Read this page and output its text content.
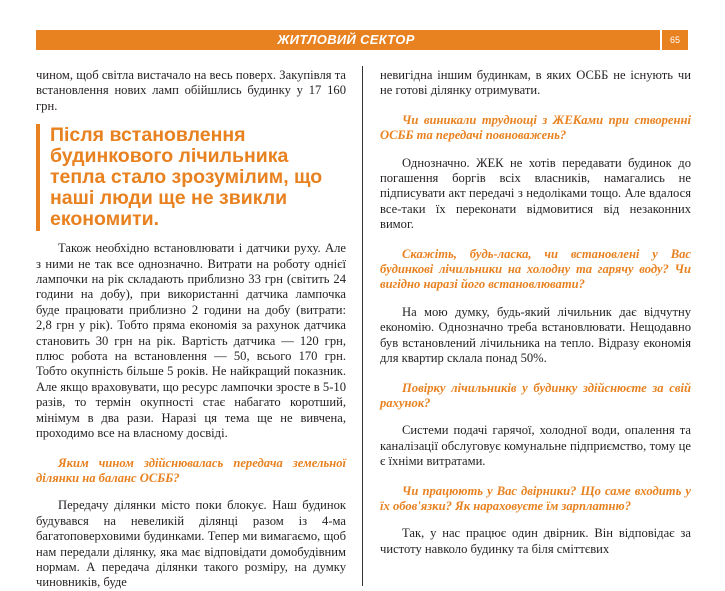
ЖИТЛОВИЙ СЕКТОР	65

чином, щоб світла вистачало на весь поверх. Закупівля та встановлення нових ламп обійшлись будинку у 17 160 грн.

Після встановлення будинкового лічильника тепла стало зрозумілим, що наші люди ще не звикли економити.

Також необхідно встановлювати і датчики руху. Але з ними не так все однозначно. Витрати на роботу однієї лампочки на рік складають приблизно 33 грн (світить 24 години на добу), при використанні датчика лампочка буде працювати приблизно 2 години на добу (витрати: 2,8 грн у рік). Тобто пряма економія за рахунок датчика становить 30 грн на рік. Вартість датчика — 120 грн, плюс робота на встановлення — 50, всього 170 грн. Тобто окупність більше 5 років. Не найкращий показник. Але якщо враховувати, що ресурс лампочки зросте в 5-10 разів, то термін окупності стає набагато коротший, мінімум в два рази. Наразі ця тема ще не вивчена, проходимо все на власному досвіді.

Яким чином здійснювалась передача земельної ділянки на баланс ОСББ?

Передачу ділянки місто поки блокує. Наш будинок будувався на невеликій ділянці разом із 4-ма багатоповерховими будинками. Тепер ми вимагаємо, щоб нам передали ділянку, яка має відповідати домобудівним нормам. А передача ділянки такого розміру, на думку чиновників, буде

невигідна іншим будинкам, в яких ОСББ не існують чи не готові ділянку отримувати.

Чи виникали труднощі з ЖЕКами при створенні ОСББ та передачі повноважень?

Однозначно. ЖЕК не хотів передавати будинок до погашення боргів всіх власників, намагались не підписувати акт передачі з недоліками тощо. Але вдалося все-таки їх переконати відмовитися від незаконних вимог.

Скажіть, будь-ласка, чи встановлені у Вас будинкові лічильники на холодну та гарячу воду? Чи вигідно наразі його встановлювати?

На мою думку, будь-який лічильник дає відчутну економію. Однозначно треба встановлювати. Нещодавно був встановлений лічильника на тепло. Відразу економія для квартир склала понад 50%.

Повірку лічильників у будинку здійснюєте за свій рахунок?

Системи подачі гарячої, холодної води, опалення та каналізації обслуговує комунальне підприємство, тому це є їхніми витратами.

Чи працюють у Вас двірники? Що саме входить у їх обов'язки? Як нараховуєте їм зарплатню?

Так, у нас працює один двірник. Він відповідає за чистоту навколо будинку та біля сміттєвих
